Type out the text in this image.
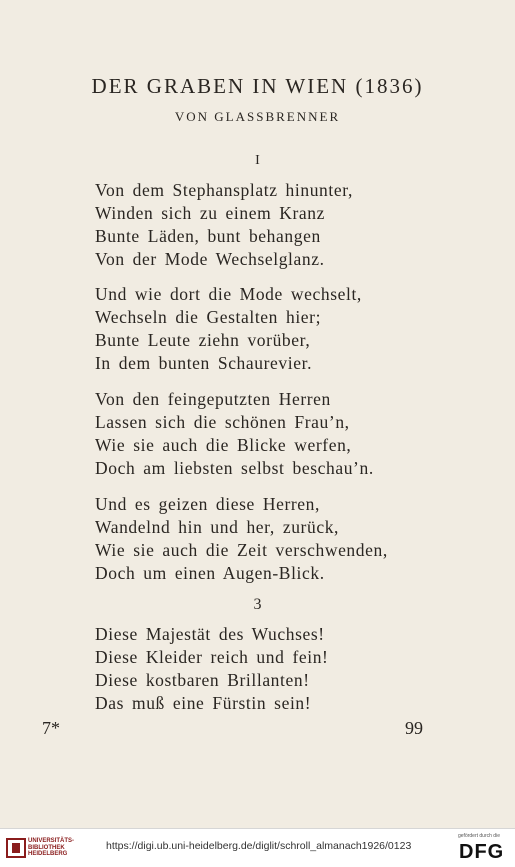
DER GRABEN IN WIEN (1836)
VON GLASSBRENNER
I
Von dem Stephansplatz hinunter,
Winden sich zu einem Kranz
Bunte Läden, bunt behangen
Von der Mode Wechselglanz.
Und wie dort die Mode wechselt,
Wechseln die Gestalten hier;
Bunte Leute ziehn vorüber,
In dem bunten Schaurevier.
Von den feingeputzten Herren
Lassen sich die schönen Frau’n,
Wie sie auch die Blicke werfen,
Doch am liebsten selbst beschau’n.
Und es geizen diese Herren,
Wandelnd hin und her, zurück,
Wie sie auch die Zeit verschwenden,
Doch um einen Augen-Blick.
3
Diese Majestät des Wuchses!
Diese Kleider reich und fein!
Diese kostbaren Brillanten!
Das muß eine Fürstin sein!
7*	99
UNIVERSITÄTS-
BIBLIOTHEK
HEIDELBERG
https://digi.ub.uni-heidelberg.de/diglit/schroll_almanach1926/0123
gefördert durch die
DFG
